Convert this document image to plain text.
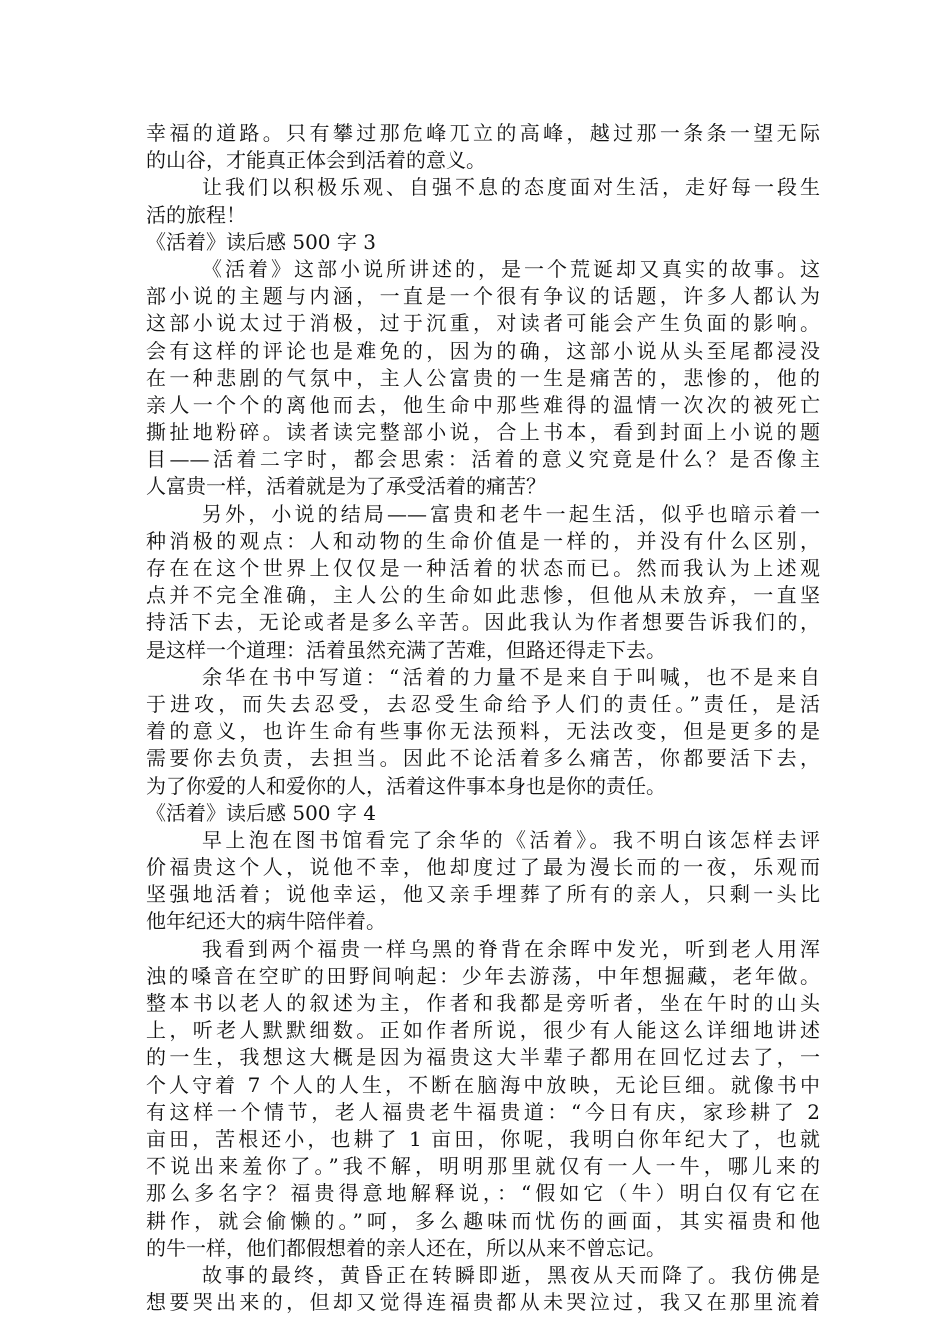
幸福的道路。只有攀过那危峰兀立的高峰，越过那一条条一望无际
的山谷，才能真正体会到活着的意义。
让我们以积极乐观、自强不息的态度面对生活，走好每一段生
活的旅程！
《活着》读后感 500 字 3
《活着》这部小说所讲述的，是一个荒诞却又真实的故事。这
部小说的主题与内涵，一直是一个很有争议的话题，许多人都认为
这部小说太过于消极，过于沉重，对读者可能会产生负面的影响。
会有这样的评论也是难免的，因为的确，这部小说从头至尾都浸没
在一种悲剧的气氛中，主人公富贵的一生是痛苦的，悲惨的，他的
亲人一个个的离他而去，他生命中那些难得的温情一次次的被死亡
撕扯地粉碎。读者读完整部小说，合上书本，看到封面上小说的题
目——活着二字时，都会思索：活着的意义究竟是什么？是否像主
人富贵一样，活着就是为了承受活着的痛苦？
另外，小说的结局——富贵和老牛一起生活，似乎也暗示着一
种消极的观点：人和动物的生命价值是一样的，并没有什么区别，
存在在这个世界上仅仅是一种活着的状态而已。然而我认为上述观
点并不完全准确，主人公的生命如此悲惨，但他从未放弃，一直坚
持活下去，无论或者是多么辛苦。因此我认为作者想要告诉我们的，
是这样一个道理：活着虽然充满了苦难，但路还得走下去。
余华在书中写道：“活着的力量不是来自于叫喊，也不是来自
于进攻，而失去忍受，去忍受生命给予人们的责任。”责任，是活
着的意义，也许生命有些事你无法预料，无法改变，但是更多的是
需要你去负责，去担当。因此不论活着多么痛苦，你都要活下去，
为了你爱的人和爱你的人，活着这件事本身也是你的责任。
《活着》读后感 500 字 4
早上泡在图书馆看完了余华的《活着》。我不明白该怎样去评
价福贵这个人，说他不幸，他却度过了最为漫长而的一夜，乐观而
坚强地活着；说他幸运，他又亲手埋葬了所有的亲人，只剩一头比
他年纪还大的病牛陪伴着。
我看到两个福贵一样乌黑的脊背在余晖中发光，听到老人用浑
浊的嗓音在空旷的田野间响起：少年去游荡，中年想掘藏，老年做。
整本书以老人的叙述为主，作者和我都是旁听者，坐在午时的山头
上，听老人默默细数。正如作者所说，很少有人能这么详细地讲述
的一生，我想这大概是因为福贵这大半辈子都用在回忆过去了，一
个人守着 7 个人的人生，不断在脑海中放映，无论巨细。就像书中
有这样一个情节，老人福贵老牛福贵道：“今日有庆，家珍耕了 2
亩田，苦根还小，也耕了 1 亩田，你呢，我明白你年纪大了，也就
不说出来羞你了。”我不解，明明那里就仅有一人一牛，哪儿来的
那么多名字？福贵得意地解释说，：“假如它（牛）明白仅有它在
耕作，就会偷懒的。”呵，多么趣味而忧伤的画面，其实福贵和他
的牛一样，他们都假想着的亲人还在，所以从来不曾忘记。
故事的最终，黄昏正在转瞬即逝，黑夜从天而降了。我仿佛是
想要哭出来的，但却又觉得连福贵都从未哭泣过，我又在那里流着
